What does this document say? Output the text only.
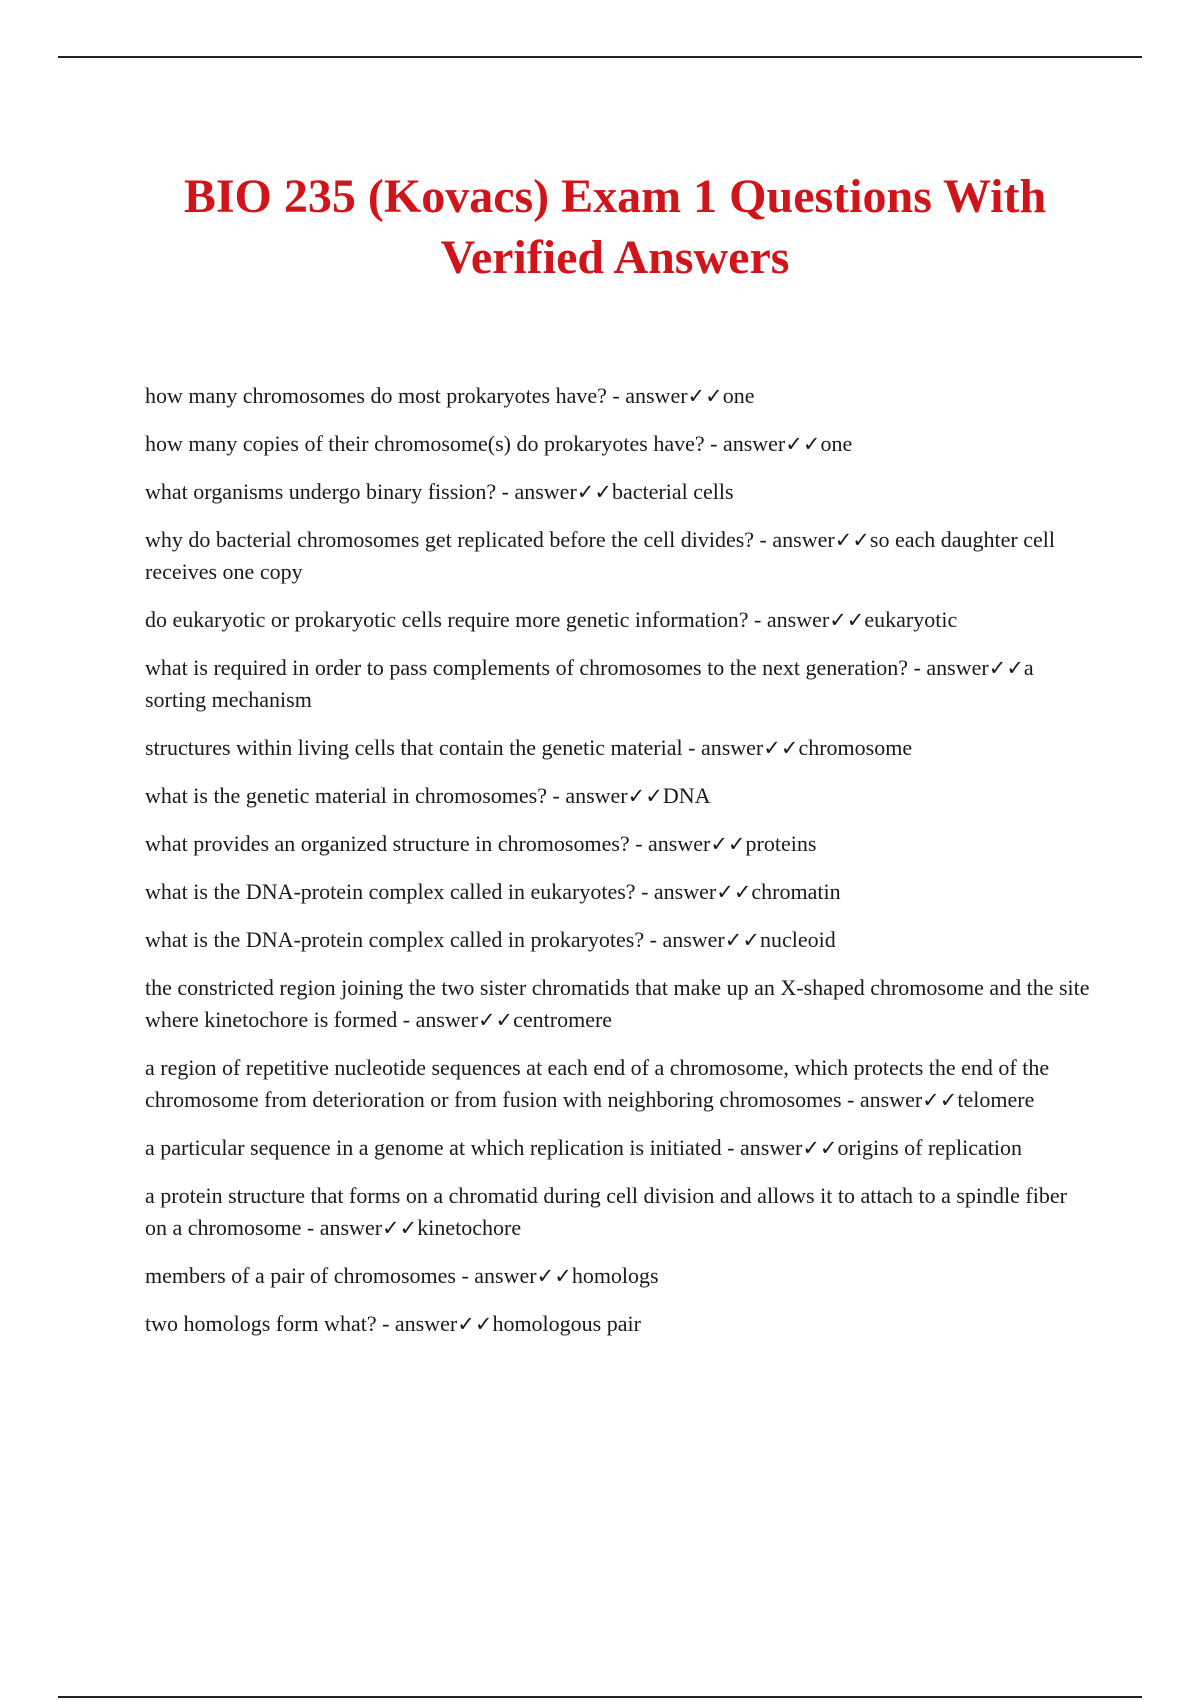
BIO 235 (Kovacs) Exam 1 Questions With
Verified Answers
how many chromosomes do most prokaryotes have? - answer✓✓one
how many copies of their chromosome(s) do prokaryotes have? - answer✓✓one
what organisms undergo binary fission? - answer✓✓bacterial cells
why do bacterial chromosomes get replicated before the cell divides? - answer✓✓so each daughter cell receives one copy
do eukaryotic or prokaryotic cells require more genetic information? - answer✓✓eukaryotic
what is required in order to pass complements of chromosomes to the next generation? - answer✓✓a sorting mechanism
structures within living cells that contain the genetic material - answer✓✓chromosome
what is the genetic material in chromosomes? - answer✓✓DNA
what provides an organized structure in chromosomes? - answer✓✓proteins
what is the DNA-protein complex called in eukaryotes? - answer✓✓chromatin
what is the DNA-protein complex called in prokaryotes? - answer✓✓nucleoid
the constricted region joining the two sister chromatids that make up an X-shaped chromosome and the site where kinetochore is formed - answer✓✓centromere
a region of repetitive nucleotide sequences at each end of a chromosome, which protects the end of the chromosome from deterioration or from fusion with neighboring chromosomes - answer✓✓telomere
a particular sequence in a genome at which replication is initiated - answer✓✓origins of replication
a protein structure that forms on a chromatid during cell division and allows it to attach to a spindle fiber on a chromosome - answer✓✓kinetochore
members of a pair of chromosomes - answer✓✓homologs
two homologs form what? - answer✓✓homologous pair
